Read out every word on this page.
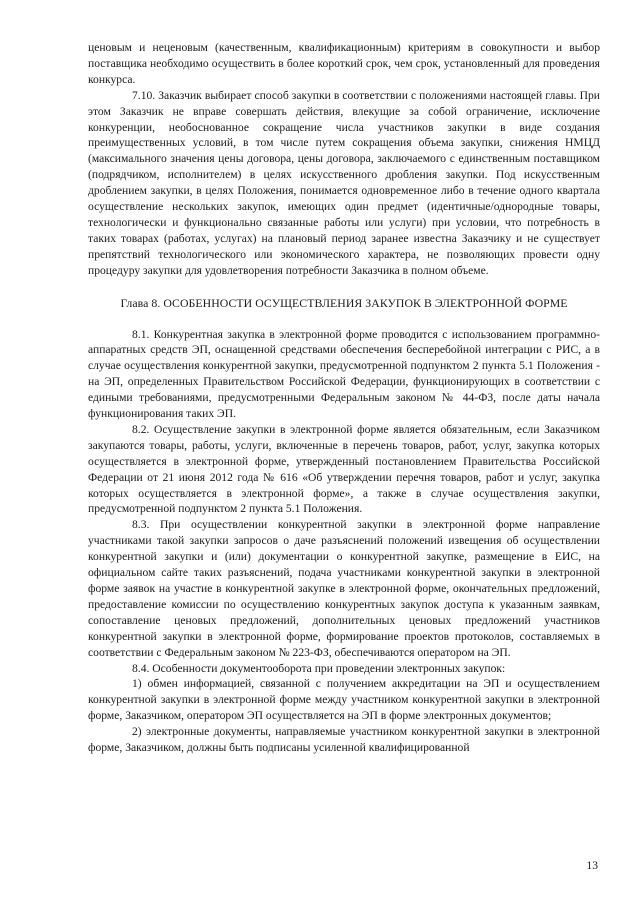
ценовым и неценовым (качественным, квалификационным) критериям в совокупности и выбор поставщика необходимо осуществить в более короткий срок, чем срок, установленный для проведения конкурса.

7.10. Заказчик выбирает способ закупки в соответствии с положениями настоящей главы. При этом Заказчик не вправе совершать действия, влекущие за собой ограничение, исключение конкуренции, необоснованное сокращение числа участников закупки в виде создания преимущественных условий, в том числе путем сокращения объема закупки, снижения НМЦД (максимального значения цены договора, цены договора, заключаемого с единственным поставщиком (подрядчиком, исполнителем) в целях искусственного дробления закупки. Под искусственным дроблением закупки, в целях Положения, понимается одновременное либо в течение одного квартала осуществление нескольких закупок, имеющих один предмет (идентичные/однородные товары, технологически и функционально связанные работы или услуги) при условии, что потребность в таких товарах (работах, услугах) на плановый период заранее известна Заказчику и не существует препятствий технологического или экономического характера, не позволяющих провести одну процедуру закупки для удовлетворения потребности Заказчика в полном объеме.

Глава 8. ОСОБЕННОСТИ ОСУЩЕСТВЛЕНИЯ ЗАКУПОК В ЭЛЕКТРОННОЙ ФОРМЕ

8.1. Конкурентная закупка в электронной форме проводится с использованием программно-аппаратных средств ЭП, оснащенной средствами обеспечения бесперебойной интеграции с РИС, а в случае осуществления конкурентной закупки, предусмотренной подпунктом 2 пункта 5.1 Положения - на ЭП, определенных Правительством Российской Федерации, функционирующих в соответствии с едиными требованиями, предусмотренными Федеральным законом № 44-ФЗ, после даты начала функционирования таких ЭП.

8.2. Осуществление закупки в электронной форме является обязательным, если Заказчиком закупаются товары, работы, услуги, включенные в перечень товаров, работ, услуг, закупка которых осуществляется в электронной форме, утвержденный постановлением Правительства Российской Федерации от 21 июня 2012 года № 616 «Об утверждении перечня товаров, работ и услуг, закупка которых осуществляется в электронной форме», а также в случае осуществления закупки, предусмотренной подпунктом 2 пункта 5.1 Положения.

8.3. При осуществлении конкурентной закупки в электронной форме направление участниками такой закупки запросов о даче разъяснений положений извещения об осуществлении конкурентной закупки и (или) документации о конкурентной закупке, размещение в ЕИС, на официальном сайте таких разъяснений, подача участниками конкурентной закупки в электронной форме заявок на участие в конкурентной закупке в электронной форме, окончательных предложений, предоставление комиссии по осуществлению конкурентных закупок доступа к указанным заявкам, сопоставление ценовых предложений, дополнительных ценовых предложений участников конкурентной закупки в электронной форме, формирование проектов протоколов, составляемых в соответствии с Федеральным законом № 223-ФЗ, обеспечиваются оператором на ЭП.

8.4. Особенности документооборота при проведении электронных закупок:

1) обмен информацией, связанной с получением аккредитации на ЭП и осуществлением конкурентной закупки в электронной форме между участником конкурентной закупки в электронной форме, Заказчиком, оператором ЭП осуществляется на ЭП в форме электронных документов;

2) электронные документы, направляемые участником конкурентной закупки в электронной форме, Заказчиком, должны быть подписаны усиленной квалифицированной

13
